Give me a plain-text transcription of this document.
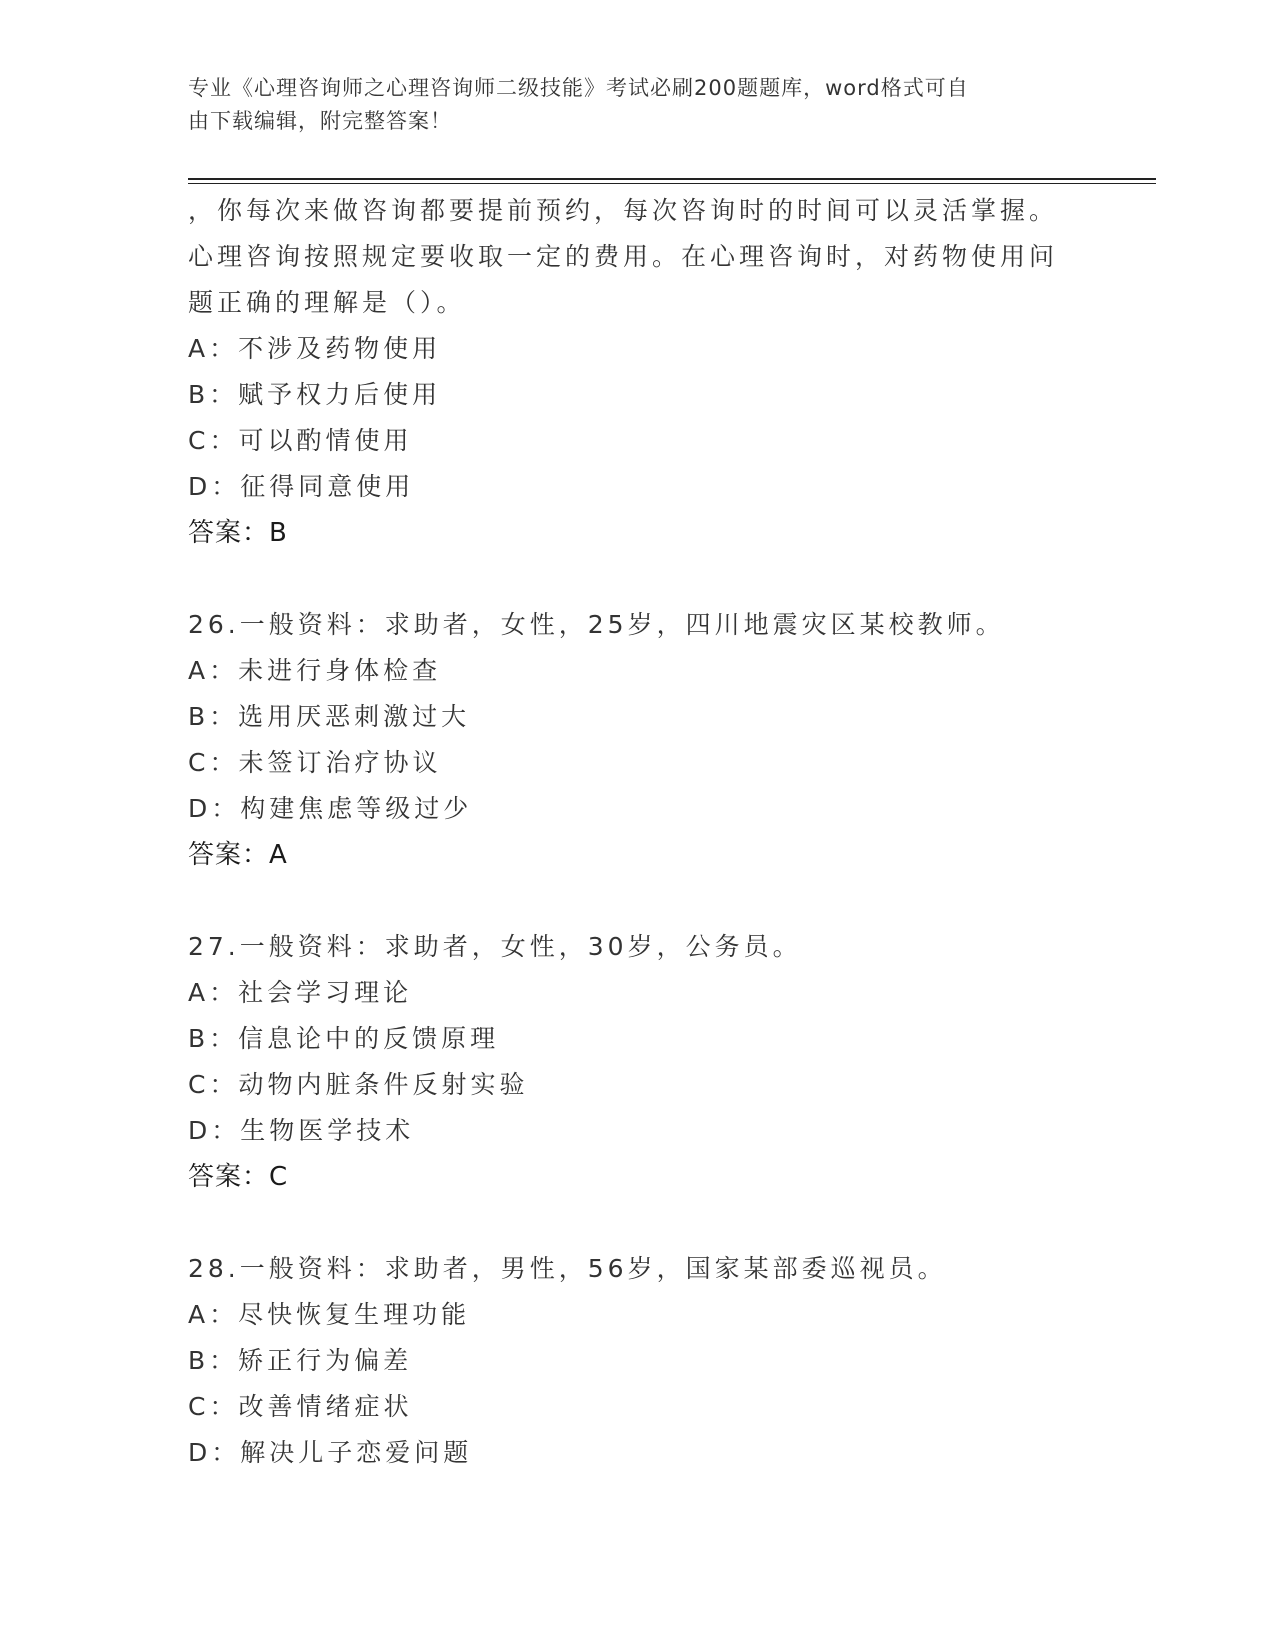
专业《心理咨询师之心理咨询师二级技能》考试必刷200题题库，word格式可自
由下载编辑，附完整答案！
，你每次来做咨询都要提前预约，每次咨询时的时间可以灵活掌握。
心理咨询按照规定要收取一定的费用。在心理咨询时，对药物使用问
题正确的理解是（）。
A：不涉及药物使用
B：赋予权力后使用
C：可以酌情使用
D：征得同意使用
答案：B
26.一般资料：求助者，女性，25岁，四川地震灾区某校教师。
A：未进行身体检查
B：选用厌恶刺激过大
C：未签订治疗协议
D：构建焦虑等级过少
答案：A
27.一般资料：求助者，女性，30岁，公务员。
A：社会学习理论
B：信息论中的反馈原理
C：动物内脏条件反射实验
D：生物医学技术
答案：C
28.一般资料：求助者，男性，56岁，国家某部委巡视员。
A：尽快恢复生理功能
B：矫正行为偏差
C：改善情绪症状
D：解决儿子恋爱问题
